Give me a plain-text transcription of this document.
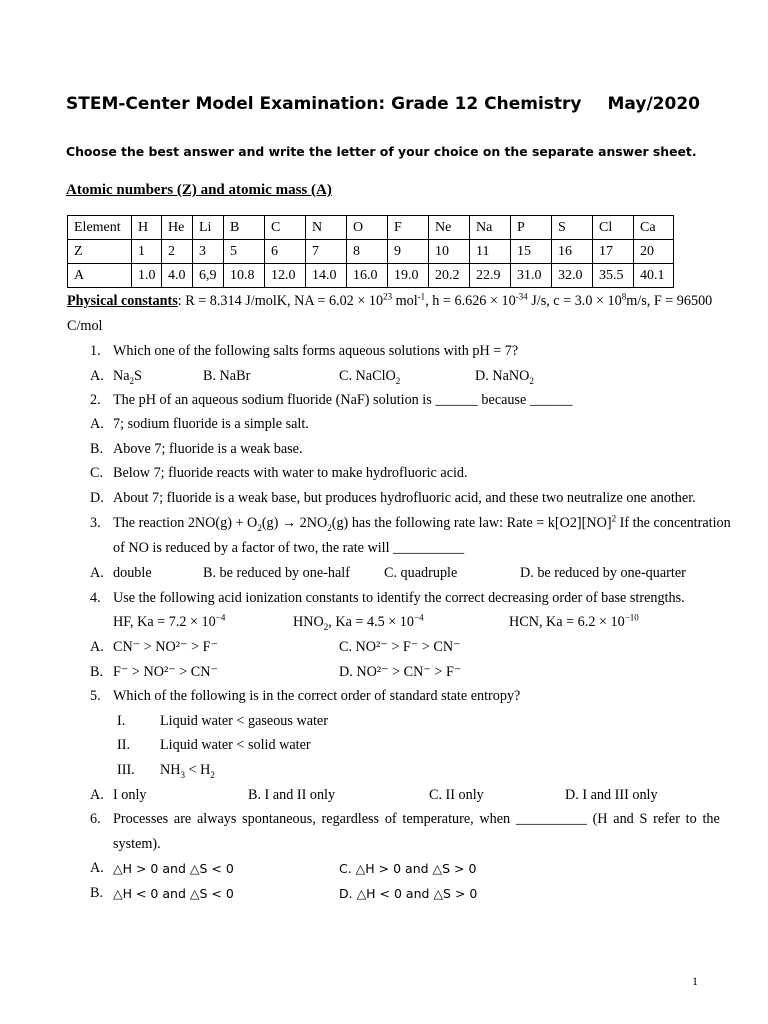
STEM-Center Model Examination: Grade 12 Chemistry May/2020
Choose the best answer and write the letter of your choice on the separate answer sheet.
Atomic numbers (Z) and atomic mass (A)
Element	H	He	Li	B	C	N	O	F	Ne	Na	P	S	Cl	Ca
Z	1	2	3	5	6	7	8	9	10	11	15	16	17	20
A	1.0	4.0	6,9	10.8	12.0	14.0	16.0	19.0	20.2	22.9	31.0	32.0	35.5	40.1
Physical constants: R = 8.314 J/molK, NA = $6.02 \times 10^{23}$ mol$^{-1}$, $h = 6.626 \times 10^{-34}$ J/s, $c = 3.0 \times 10^8m/s$, F = 96500
C/mol
1. Which one of the following salts forms aqueous solutions with pH = 7?
A. $Na_2S$	B. NaBr	C. NaClO$_2$	D. NaNO$_2$
2. The pH of an aqueous sodium fluoride (NaF) solution is ______ because ______
A. 7; sodium fluoride is a simple salt.
B. Above 7; fluoride is a weak base.
C. Below 7; fluoride reacts with water to make hydrofluoric acid.
D. About 7; fluoride is a weak base, but produces hydrofluoric acid, and these two neutralize one another.
3. The reaction $2NO(g) + O_2(g) \to 2NO_2(g)$ has the following rate law: Rate = k[O2][NO]$^2$ If the concentration
of NO is reduced by a factor of two, the rate will __________
A. double	B. be reduced by one-half C. quadruple	D. be reduced by one-quarter
4. Use the following acid ionization constants to identify the correct decreasing order of base strengths.
HF, $Ka = 7.2 \times 10^{-4}$	$HNO_2$, $Ka = 4.5 \times 10^{-4}$	HCN, $Ka = 6.2 \times 10^{-10}$
A. CN⁻ > NO²⁻ > F⁻	C. NO²⁻ > F⁻ > CN⁻
B. F⁻ > NO²⁻ > CN⁻	D. NO²⁻ > CN⁻ > F⁻
5. Which of the following is in the correct order of standard state entropy?
I. Liquid water < gaseous water
II. Liquid water < solid water
III. $NH_3 < H_2$
A. I only	B. I and II only	C. II only	D. I and III only
6. Processes are always spontaneous, regardless of temperature, when __________ (H and S refer to the
system).
A. △H > 0 and △S < 0	C. △H > 0 and △S > 0
B. △H < 0 and △S < 0	D. △H < 0 and △S > 0
1
